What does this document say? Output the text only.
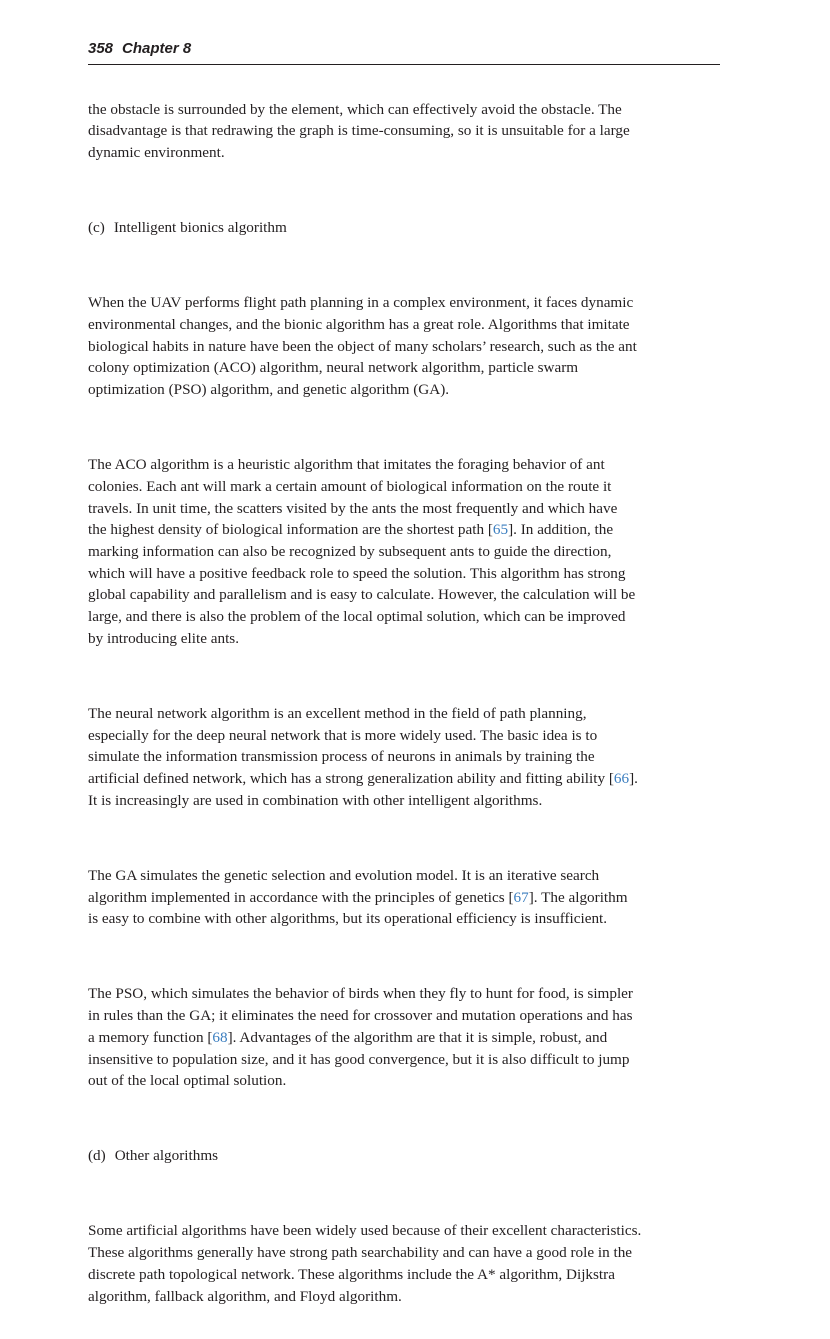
358 Chapter 8

the obstacle is surrounded by the element, which can effectively avoid the obstacle. The
disadvantage is that redrawing the graph is time-consuming, so it is unsuitable for a large
dynamic environment.

(c) Intelligent bionics algorithm

When the UAV performs flight path planning in a complex environment, it faces dynamic
environmental changes, and the bionic algorithm has a great role. Algorithms that imitate
biological habits in nature have been the object of many scholars’ research, such as the ant
colony optimization (ACO) algorithm, neural network algorithm, particle swarm
optimization (PSO) algorithm, and genetic algorithm (GA).

The ACO algorithm is a heuristic algorithm that imitates the foraging behavior of ant
colonies. Each ant will mark a certain amount of biological information on the route it
travels. In unit time, the scatters visited by the ants the most frequently and which have
the highest density of biological information are the shortest path [65]. In addition, the
marking information can also be recognized by subsequent ants to guide the direction,
which will have a positive feedback role to speed the solution. This algorithm has strong
global capability and parallelism and is easy to calculate. However, the calculation will be
large, and there is also the problem of the local optimal solution, which can be improved
by introducing elite ants.

The neural network algorithm is an excellent method in the field of path planning,
especially for the deep neural network that is more widely used. The basic idea is to
simulate the information transmission process of neurons in animals by training the
artificial defined network, which has a strong generalization ability and fitting ability [66].
It is increasingly are used in combination with other intelligent algorithms.

The GA simulates the genetic selection and evolution model. It is an iterative search
algorithm implemented in accordance with the principles of genetics [67]. The algorithm
is easy to combine with other algorithms, but its operational efficiency is insufficient.

The PSO, which simulates the behavior of birds when they fly to hunt for food, is simpler
in rules than the GA; it eliminates the need for crossover and mutation operations and has
a memory function [68]. Advantages of the algorithm are that it is simple, robust, and
insensitive to population size, and it has good convergence, but it is also difficult to jump
out of the local optimal solution.

(d) Other algorithms

Some artificial algorithms have been widely used because of their excellent characteristics.
These algorithms generally have strong path searchability and can have a good role in the
discrete path topological network. These algorithms include the A* algorithm, Dijkstra
algorithm, fallback algorithm, and Floyd algorithm.
